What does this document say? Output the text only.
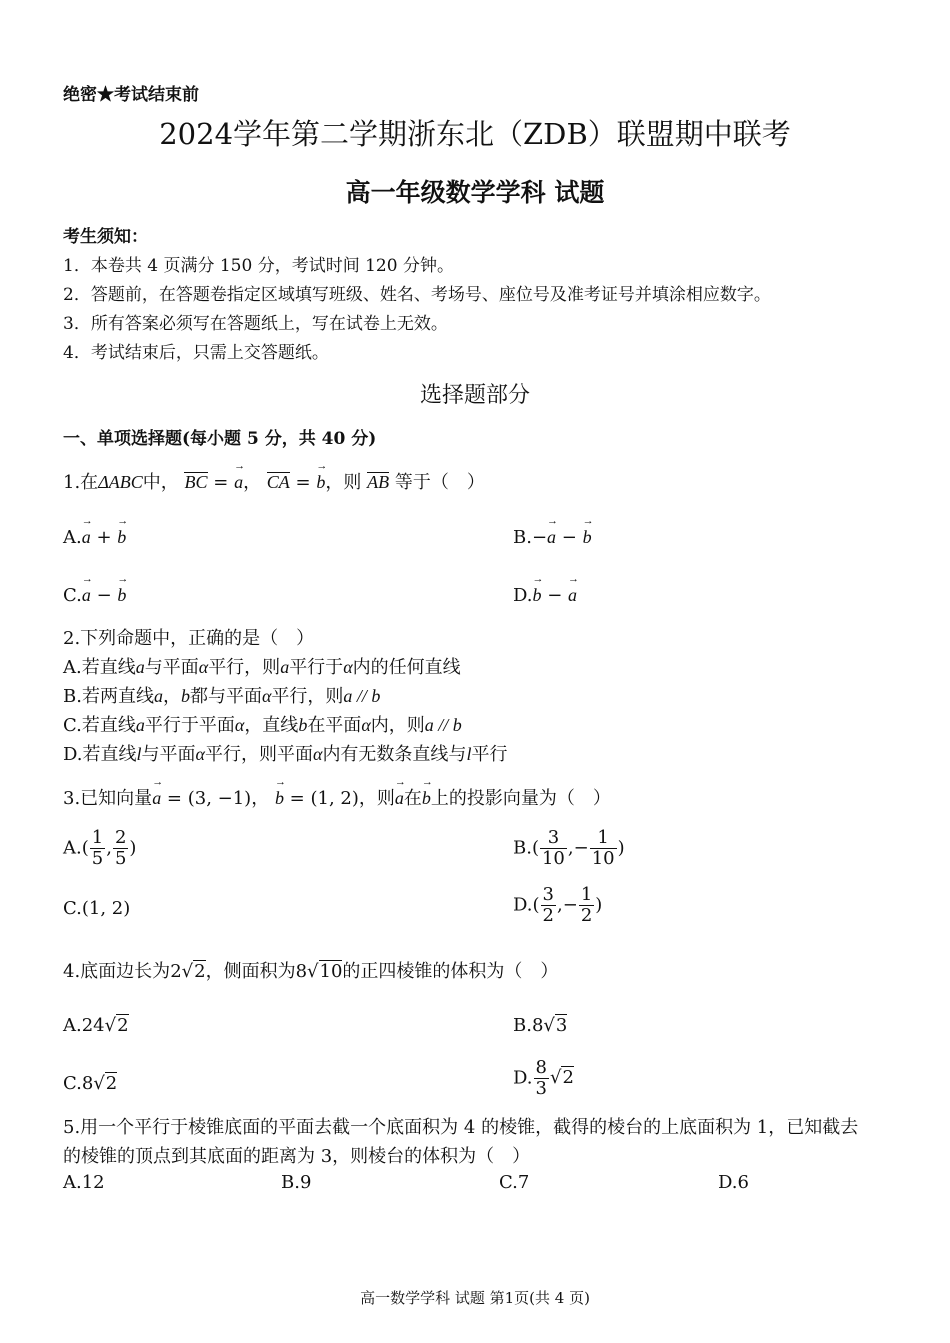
绝密★考试结束前
2024学年第二学期浙东北（ZDB）联盟期中联考
高一年级数学学科 试题
考生须知：
1．本卷共 4 页满分 150 分，考试时间 120 分钟。
2．答题前，在答题卷指定区域填写班级、姓名、考场号、座位号及准考证号并填涂相应数字。
3．所有答案必须写在答题纸上，写在试卷上无效。
4．考试结束后，只需上交答题纸。
选择题部分
一、单项选择题(每小题 5 分，共 40 分)
1.在ΔABC中， BC = → a， CA = → b，则 AB 等于（　）
A.→ a + → b	B.−→ a − → b
C.→ a − → b	D.→ b − → a
2.下列命题中，正确的是（　）
A.若直线a与平面α平行，则a平行于α内的任何直线
B.若两直线a，b都与平面α平行，则a // b
C.若直线a平行于平面α，直线b在平面α内，则a // b
D.若直线l与平面α平行，则平面α内有无数条直线与l平行
3.已知向量→ a = (3, −1)， → b = (1, 2)，则→ a在→ b上的投影向量为（　）
$A.( \frac{1}{5}$ , $\frac{2}{5}$ )	$B.( \frac{3}{10}$ ,− $\frac{1}{10}$ )
C.(1, 2)	$D.( \frac{3}{2}$ ,− $\frac{1}{2}$ )
4.底面边长为2√2，侧面积为8√10的正四棱锥的体积为（　）
A.24√2	B.8√3
C.8√2	D. $\frac{8}{3} √2$
5.用一个平行于棱锥底面的平面去截一个底面积为 4 的棱锥，截得的棱台的上底面积为 1，已知截去
的棱锥的顶点到其底面的距离为 3，则棱台的体积为（　）
A.12	B.9	C.7	D.6
高一数学学科 试题 第1页(共 4 页)
